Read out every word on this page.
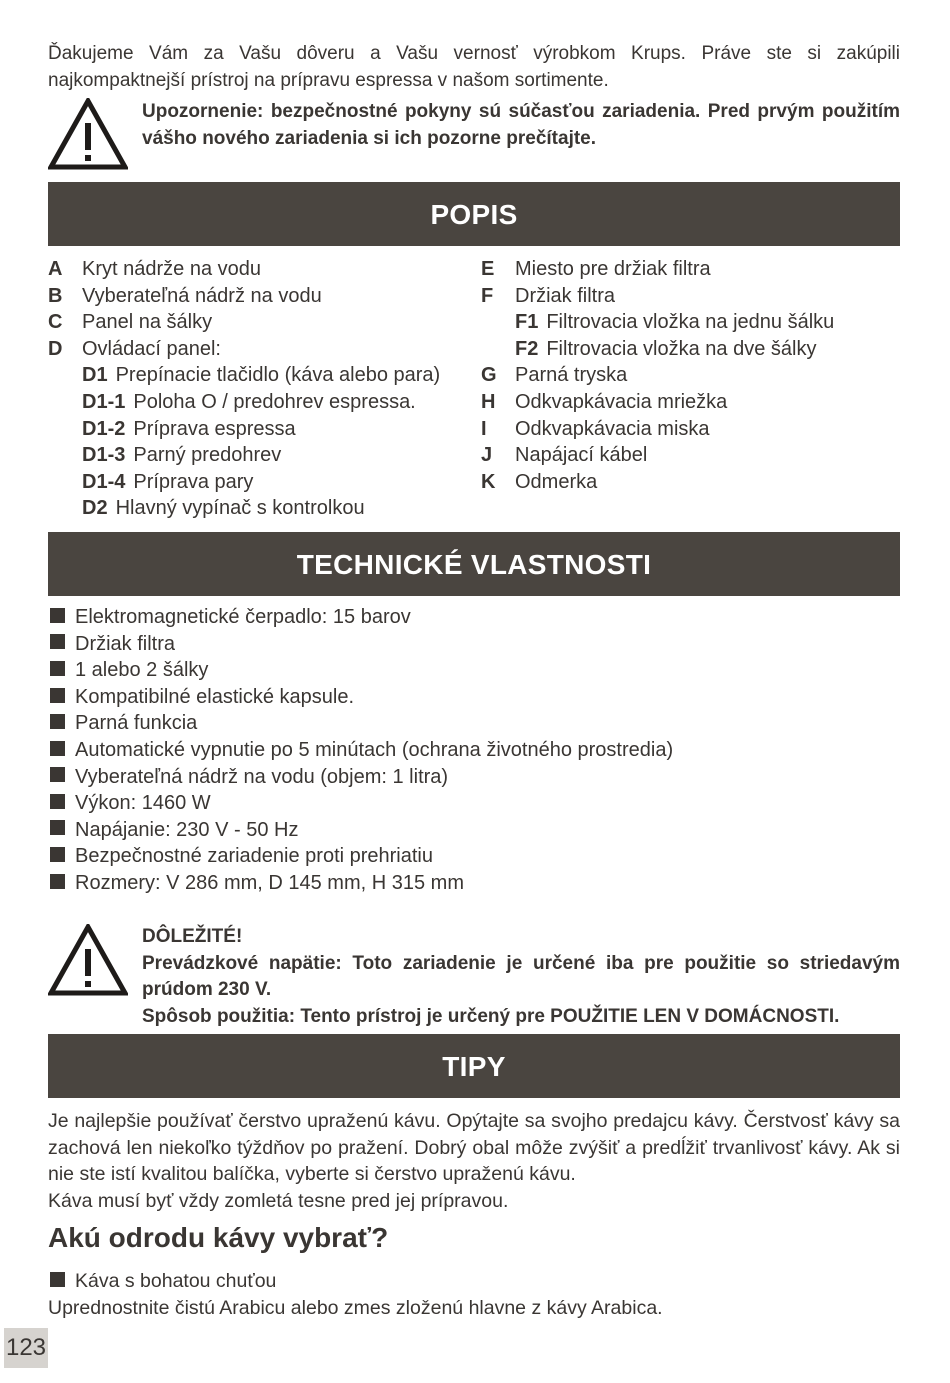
Ďakujeme Vám za Vašu dôveru a Vašu vernosť výrobkom Krups. Práve ste si zakúpili najkompaktnejší prístroj na prípravu espressa v našom sortimente.

Upozornenie: bezpečnostné pokyny sú súčasťou zariadenia. Pred prvým použitím vášho nového zariadenia si ich pozorne prečítajte.
POPIS
A Kryt nádrže na vodu
B Vyberateľná nádrž na vodu
C Panel na šálky
D Ovládací panel:
D1 Prepínacie tlačidlo (káva alebo para)
D1-1 Poloha O / predohrev espressa.
D1-2 Príprava espressa
D1-3 Parný predohrev
D1-4 Príprava pary
D2 Hlavný vypínač s kontrolkou
E	Miesto pre držiak filtra
F	Držiak filtra
F1 Filtrovacia vložka na jednu šálku
F2 Filtrovacia vložka na dve šálky
G Parná tryska
H Odkvapkávacia mriežka
I	Odkvapkávacia miska
J	Napájací kábel
K Odmerka
TECHNICKÉ VLASTNOSTI
Elektromagnetické čerpadlo: 15 barov
Držiak filtra
1 alebo 2 šálky
Kompatibilné elastické kapsule.
Parná funkcia
Automatické vypnutie po 5 minútach (ochrana životného prostredia)
Vyberateľná nádrž na vodu (objem: 1 litra)
Výkon: 1460 W
Napájanie: 230 V - 50 Hz
Bezpečnostné zariadenie proti prehriatiu
Rozmery: V 286 mm, D 145 mm, H 315 mm
DÔLEŽITÉ!
Prevádzkové napätie: Toto zariadenie je určené iba pre použitie so striedavým prúdom 230 V.
Spôsob použitia: Tento prístroj je určený pre POUŽITIE LEN V DOMÁCNOSTI.
TIPY

Je najlepšie používať čerstvo upraženú kávu. Opýtajte sa svojho predajcu kávy. Čerstvosť kávy sa zachová len niekoľko týždňov po pražení. Dobrý obal môže zvýšiť a predĺžiť trvanlivosť kávy. Ak si nie ste istí kvalitou balíčka, vyberte si čerstvo upraženú kávu.

Káva musí byť vždy zomletá tesne pred jej prípravou.

Akú odrodu kávy vybrať?
Káva s bohatou chuťou
Uprednostnite čistú Arabicu alebo zmes zloženú hlavne z kávy Arabica.
123
